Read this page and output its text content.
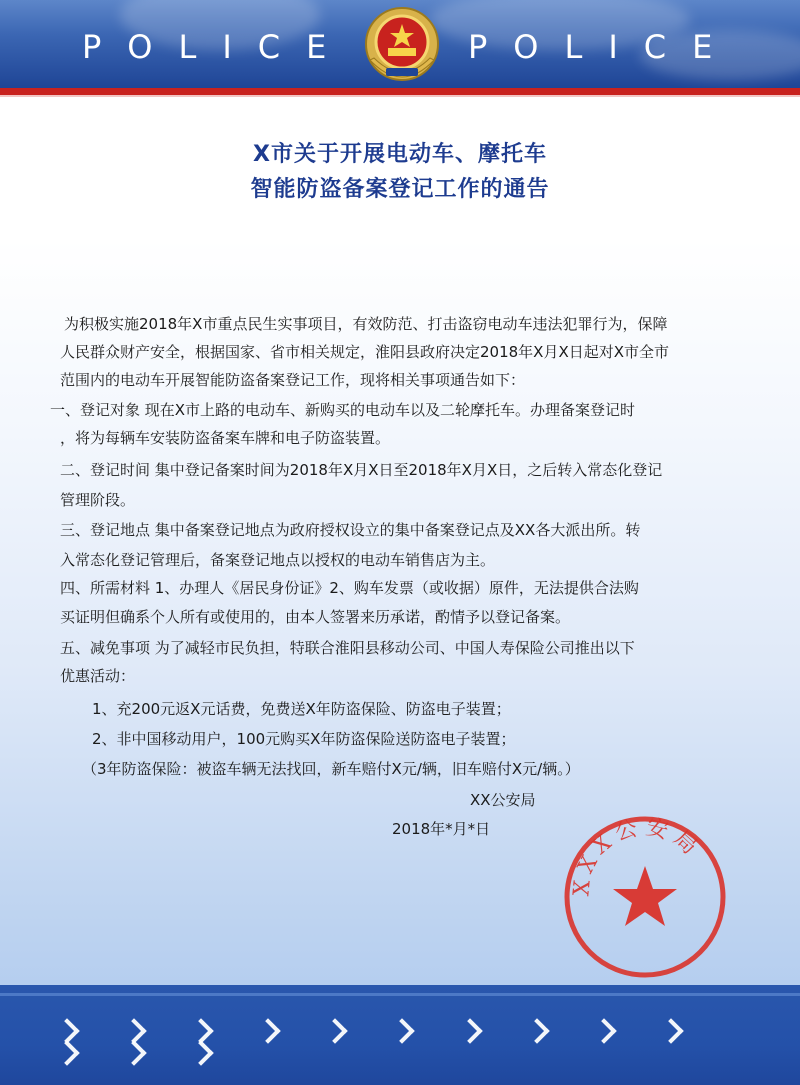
POLICE	POLICE
X市关于开展电动车、摩托车
智能防盗备案登记工作的通告
为积极实施2018年X市重点民生实事项目，有效防范、打击盗窃电动车违法犯罪行为，保障
人民群众财产安全，根据国家、省市相关规定，淮阳县政府决定2018年X月X日起对X市全市
范围内的电动车开展智能防盗备案登记工作，现将相关事项通告如下：
一、登记对象 现在X市上路的电动车、新购买的电动车以及二轮摩托车。办理备案登记时
，将为每辆车安装防盗备案车牌和电子防盗装置。
二、登记时间 集中登记备案时间为2018年X月X日至2018年X月X日，之后转入常态化登记
管理阶段。
三、登记地点 集中备案登记地点为政府授权设立的集中备案登记点及XX各大派出所。转
入常态化登记管理后，备案登记地点以授权的电动车销售店为主。
四、所需材料 1、办理人《居民身份证》2、购车发票（或收据）原件，无法提供合法购
买证明但确系个人所有或使用的，由本人签署来历承诺，酌情予以登记备案。
五、减免事项 为了减轻市民负担，特联合淮阳县移动公司、中国人寿保险公司推出以下
优惠活动：
1、充200元返X元话费，免费送X年防盗保险、防盗电子装置；
2、非中国移动用户，100元购买X年防盗保险送防盗电子装置；
（3年防盗保险：被盗车辆无法找回，新车赔付X元/辆，旧车赔付X元/辆。）
XX公安局
2018年*月*日
XXX公安局
